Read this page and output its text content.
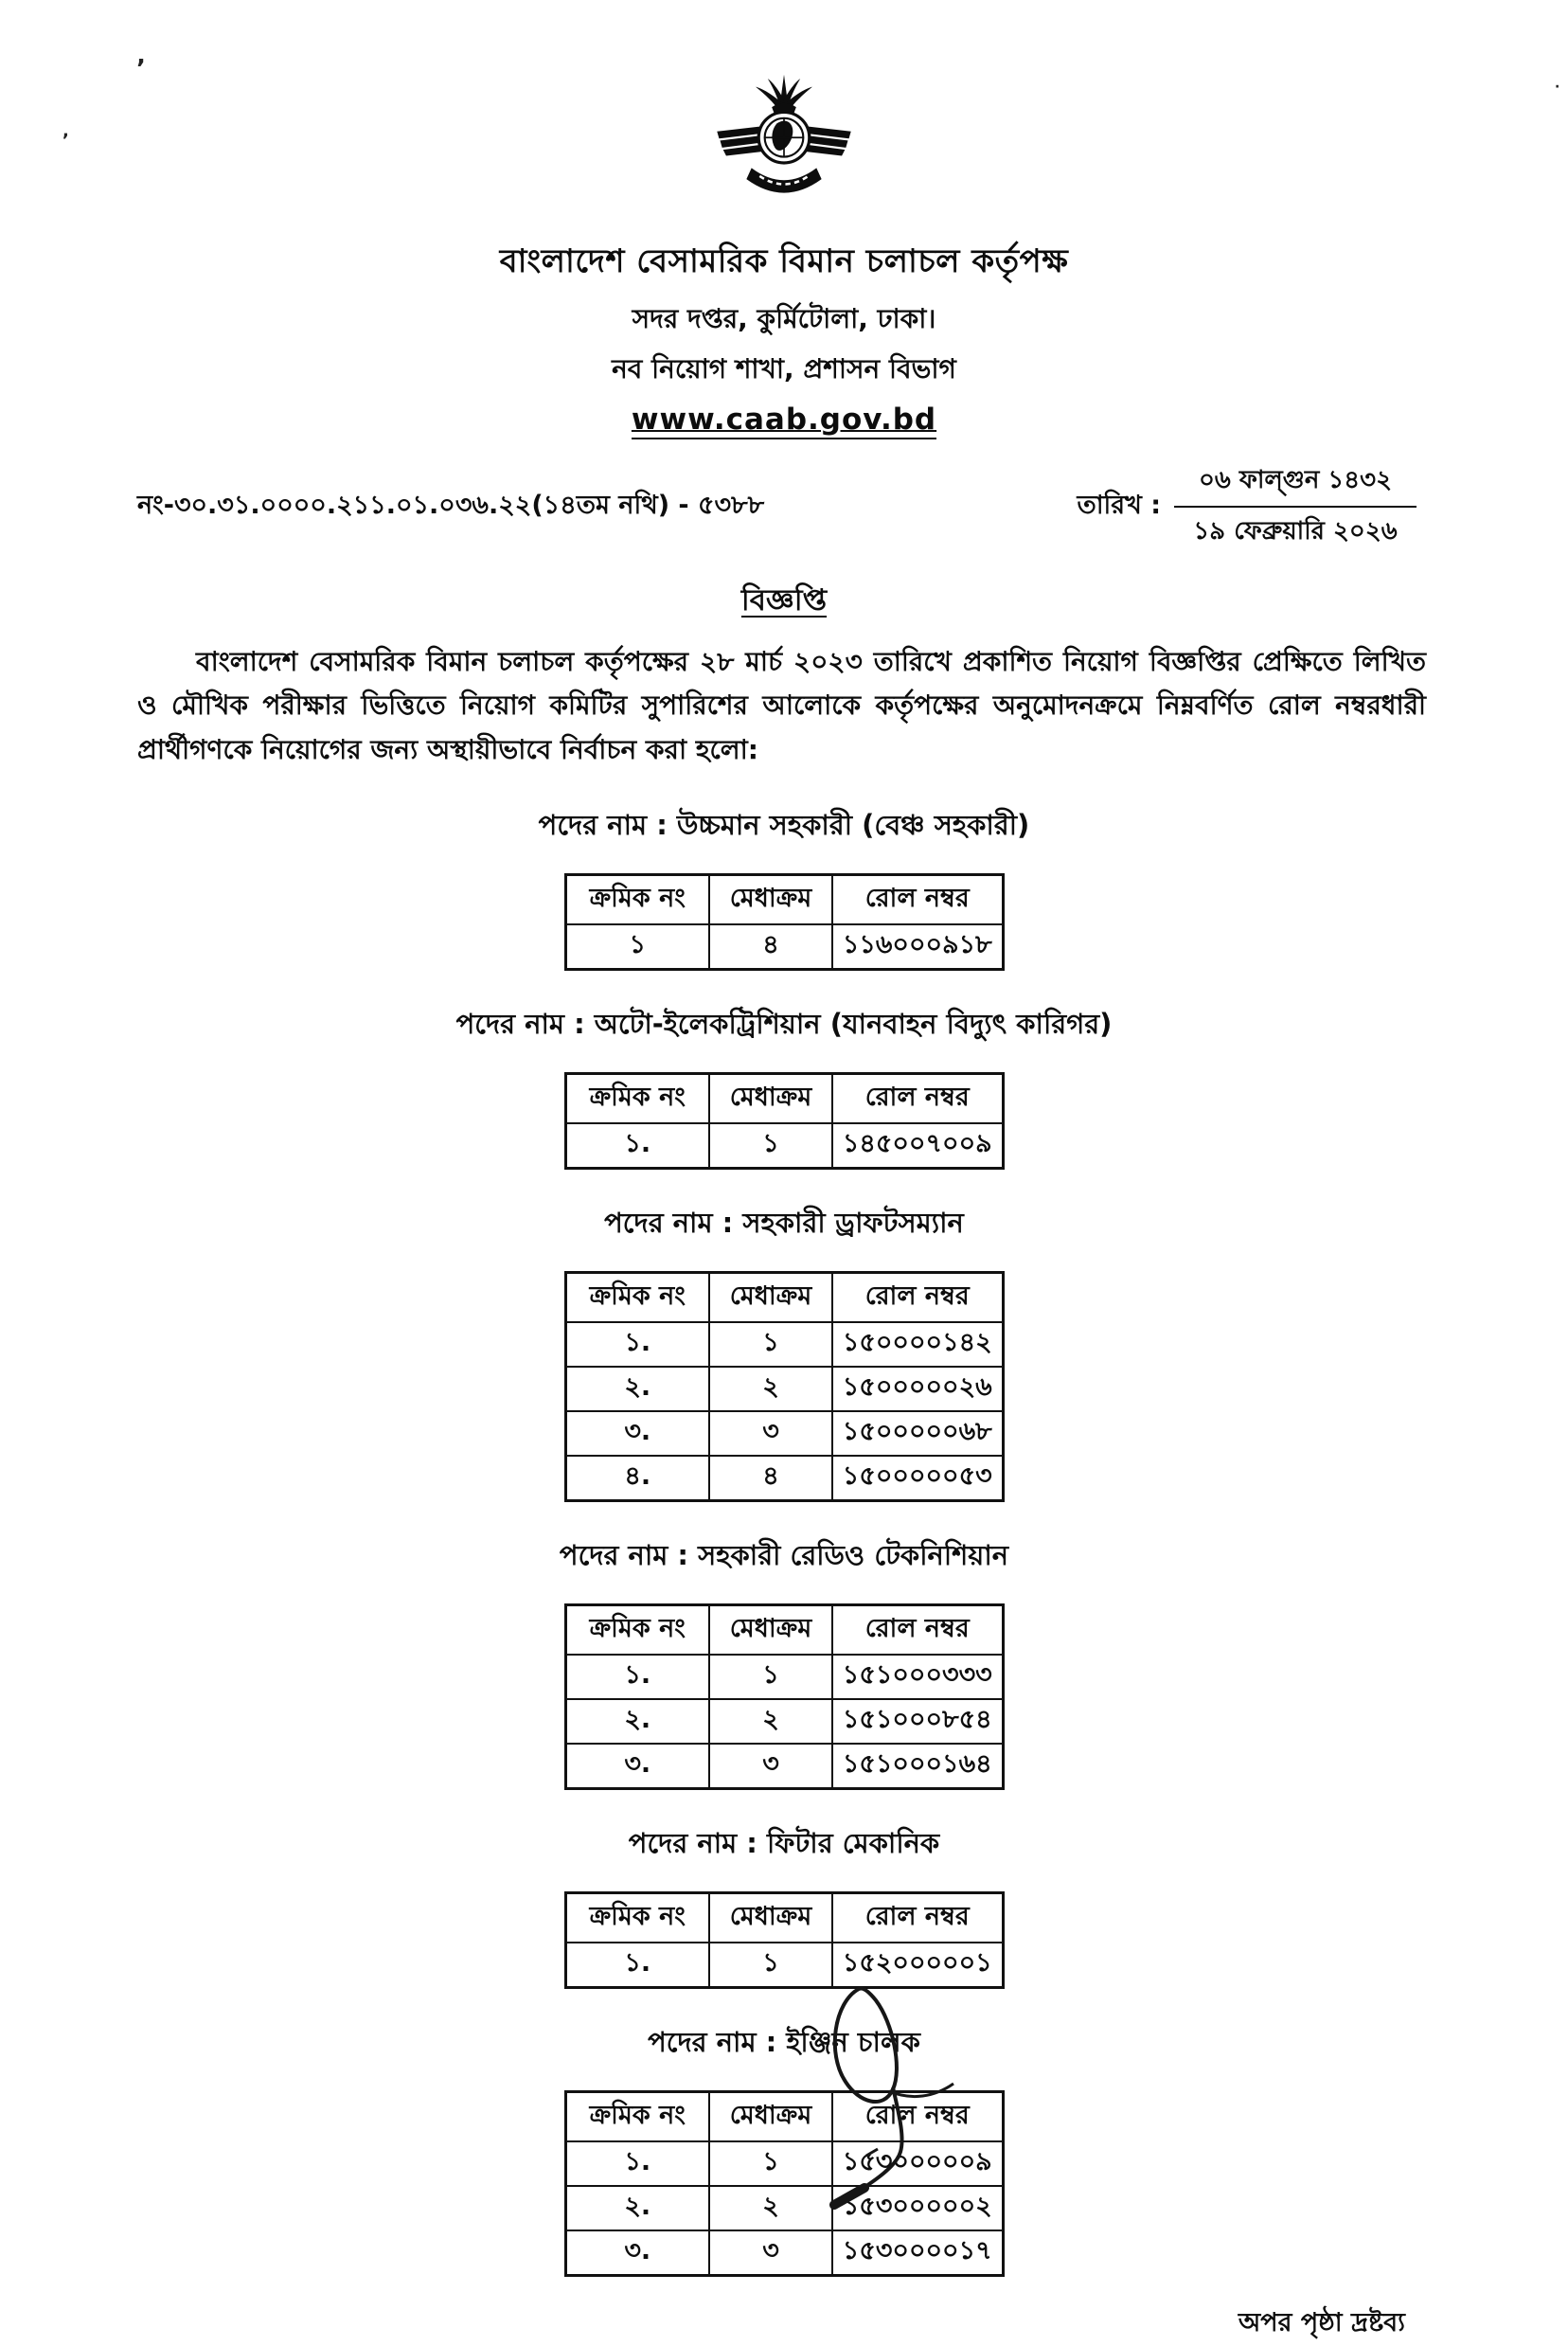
’
,
·
বাংলাদেশ বেসামরিক বিমান চলাচল কর্তৃপক্ষ
সদর দপ্তর, কুর্মিটোলা, ঢাকা।
নব নিয়োগ শাখা, প্রশাসন বিভাগ
www.caab.gov.bd
নং-৩০.৩১.০০০০.২১১.০১.০৩৬.২২(১৪তম নথি) - ৫৩৮৮	তারিখ :
০৬ ফাল্গুন ১৪৩২
১৯ ফেব্রুয়ারি ২০২৬
বিজ্ঞপ্তি

বাংলাদেশ বেসামরিক বিমান চলাচল কর্তৃপক্ষের ২৮ মার্চ ২০২৩ তারিখে প্রকাশিত নিয়োগ বিজ্ঞপ্তির প্রেক্ষিতে লিখিত ও মৌখিক পরীক্ষার ভিত্তিতে নিয়োগ কমিটির সুপারিশের আলোকে কর্তৃপক্ষের অনুমোদনক্রমে নিম্নবর্ণিত রোল নম্বরধারী প্রার্থীগণকে নিয়োগের জন্য অস্থায়ীভাবে নির্বাচন করা হলো:

পদের নাম : উচ্চমান সহকারী (বেঞ্চ সহকারী)
ক্রমিক নং	মেধাক্রম	রোল নম্বর
১	৪	১১৬০০০৯১৮
পদের নাম : অটো-ইলেকট্রিশিয়ান (যানবাহন বিদ্যুৎ কারিগর)
ক্রমিক নং	মেধাক্রম	রোল নম্বর
১.	১	১৪৫০০৭০০৯
পদের নাম : সহকারী ড্রাফটসম্যান
ক্রমিক নং	মেধাক্রম	রোল নম্বর
১.	১	১৫০০০০১৪২
২.	২	১৫০০০০০২৬
৩.	৩	১৫০০০০০৬৮
৪.	৪	১৫০০০০০৫৩
পদের নাম : সহকারী রেডিও টেকনিশিয়ান
ক্রমিক নং	মেধাক্রম	রোল নম্বর
১.	১	১৫১০০০৩৩৩
২.	২	১৫১০০০৮৫৪
৩.	৩	১৫১০০০১৬৪
পদের নাম : ফিটার মেকানিক
ক্রমিক নং	মেধাক্রম	রোল নম্বর
১.	১	১৫২০০০০০১
পদের নাম : ইঞ্জিন চালক
ক্রমিক নং	মেধাক্রম	রোল নম্বর
১.	১	১৫৩০০০০০৯
২.	২	১৫৩০০০০০২
৩.	৩	১৫৩০০০০১৭
অপর পৃষ্ঠা দ্রষ্টব্য
